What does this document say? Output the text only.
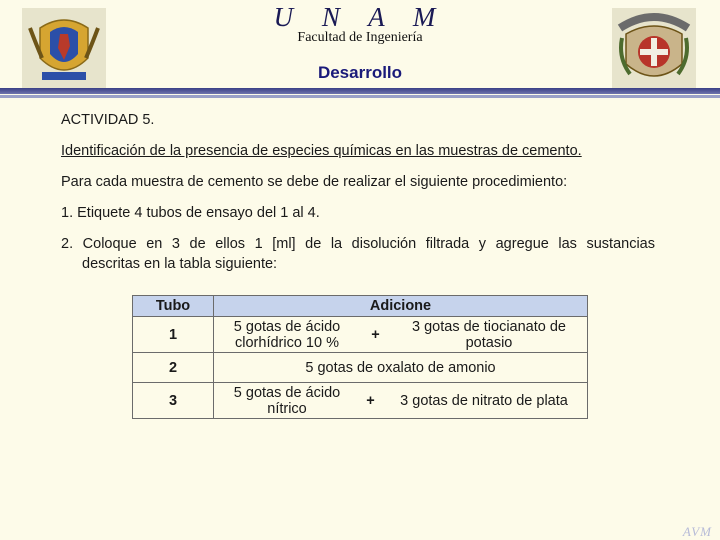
U N A M
Facultad de Ingeniería
Desarrollo

ACTIVIDAD 5.

Identificación de la presencia de especies químicas en las muestras de cemento.

Para cada muestra de cemento se debe de realizar el siguiente procedimiento:

1. Etiquete 4 tubos de ensayo del 1 al 4.

2. Coloque en 3 de ellos 1 [ml] de la disolución filtrada y agregue las sustancias

descritas en la tabla siguiente:

Tubo	Adicione
1	5 gotas de ácido clorhídrico 10 % + 3 gotas de tiocianato de potasio

2	5 gotas de oxalato de amonio
3	5 gotas de ácido nítrico + 3 gotas de nitrato de plata
AVM
